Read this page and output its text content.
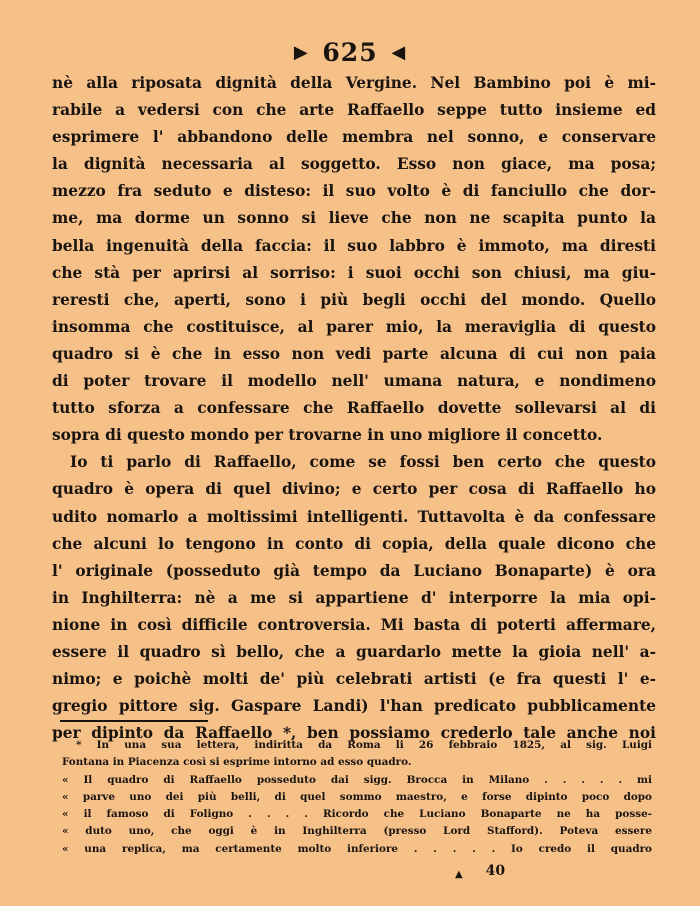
▶ 625 ◀
nè alla riposata dignità della Vergine. Nel Bambino poi è mi-
rabile a vedersi con che arte Raffaello seppe tutto insieme ed
esprimere l' abbandono delle membra nel sonno, e conservare
la dignità necessaria al soggetto. Esso non giace, ma posa;
mezzo fra seduto e disteso: il suo volto è di fanciullo che dor-
me, ma dorme un sonno si lieve che non ne scapita punto la
bella ingenuità della faccia: il suo labbro è immoto, ma diresti
che stà per aprirsi al sorriso: i suoi occhi son chiusi, ma giu-
reresti che, aperti, sono i più begli occhi del mondo. Quello
insomma che costituisce, al parer mio, la meraviglia di questo
quadro si è che in esso non vedi parte alcuna di cui non paia
di poter trovare il modello nell' umana natura, e nondimeno
tutto sforza a confessare che Raffaello dovette sollevarsi al di
sopra di questo mondo per trovarne in uno migliore il concetto.
Io ti parlo di Raffaello, come se fossi ben certo che questo
quadro è opera di quel divino; e certo per cosa di Raffaello ho
udito nomarlo a moltissimi intelligenti. Tuttavolta è da confessare
che alcuni lo tengono in conto di copia, della quale dicono che
l' originale (posseduto già tempo da Luciano Bonaparte) è ora
in Inghilterra: nè a me si appartiene d' interporre la mia opi-
nione in così difficile controversia. Mi basta di poterti affermare,
essere il quadro sì bello, che a guardarlo mette la gioia nell' a-
nimo; e poichè molti de' più celebrati artisti (e fra questi l' e-
gregio pittore sig. Gaspare Landi) l'han predicato pubblicamente
per dipinto da Raffaello *, ben possiamo crederlo tale anche noi
* In una sua lettera, indiritta da Roma li 26 febbraio 1825, al sig. Luigi
Fontana in Piacenza così si esprime intorno ad esso quadro.
« Il quadro di Raffaello posseduto dai sigg. Brocca in Milano . . . . . mi
« parve uno dei più belli, di quel sommo maestro, e forse dipinto poco dopo
« il famoso di Foligno . . . . Ricordo che Luciano Bonaparte ne ha posse-
« duto uno, che oggi è in Inghilterra (presso Lord Stafford). Poteva essere
« una replica, ma certamente molto inferiore . . . . . Io credo il quadro
▲ 40
